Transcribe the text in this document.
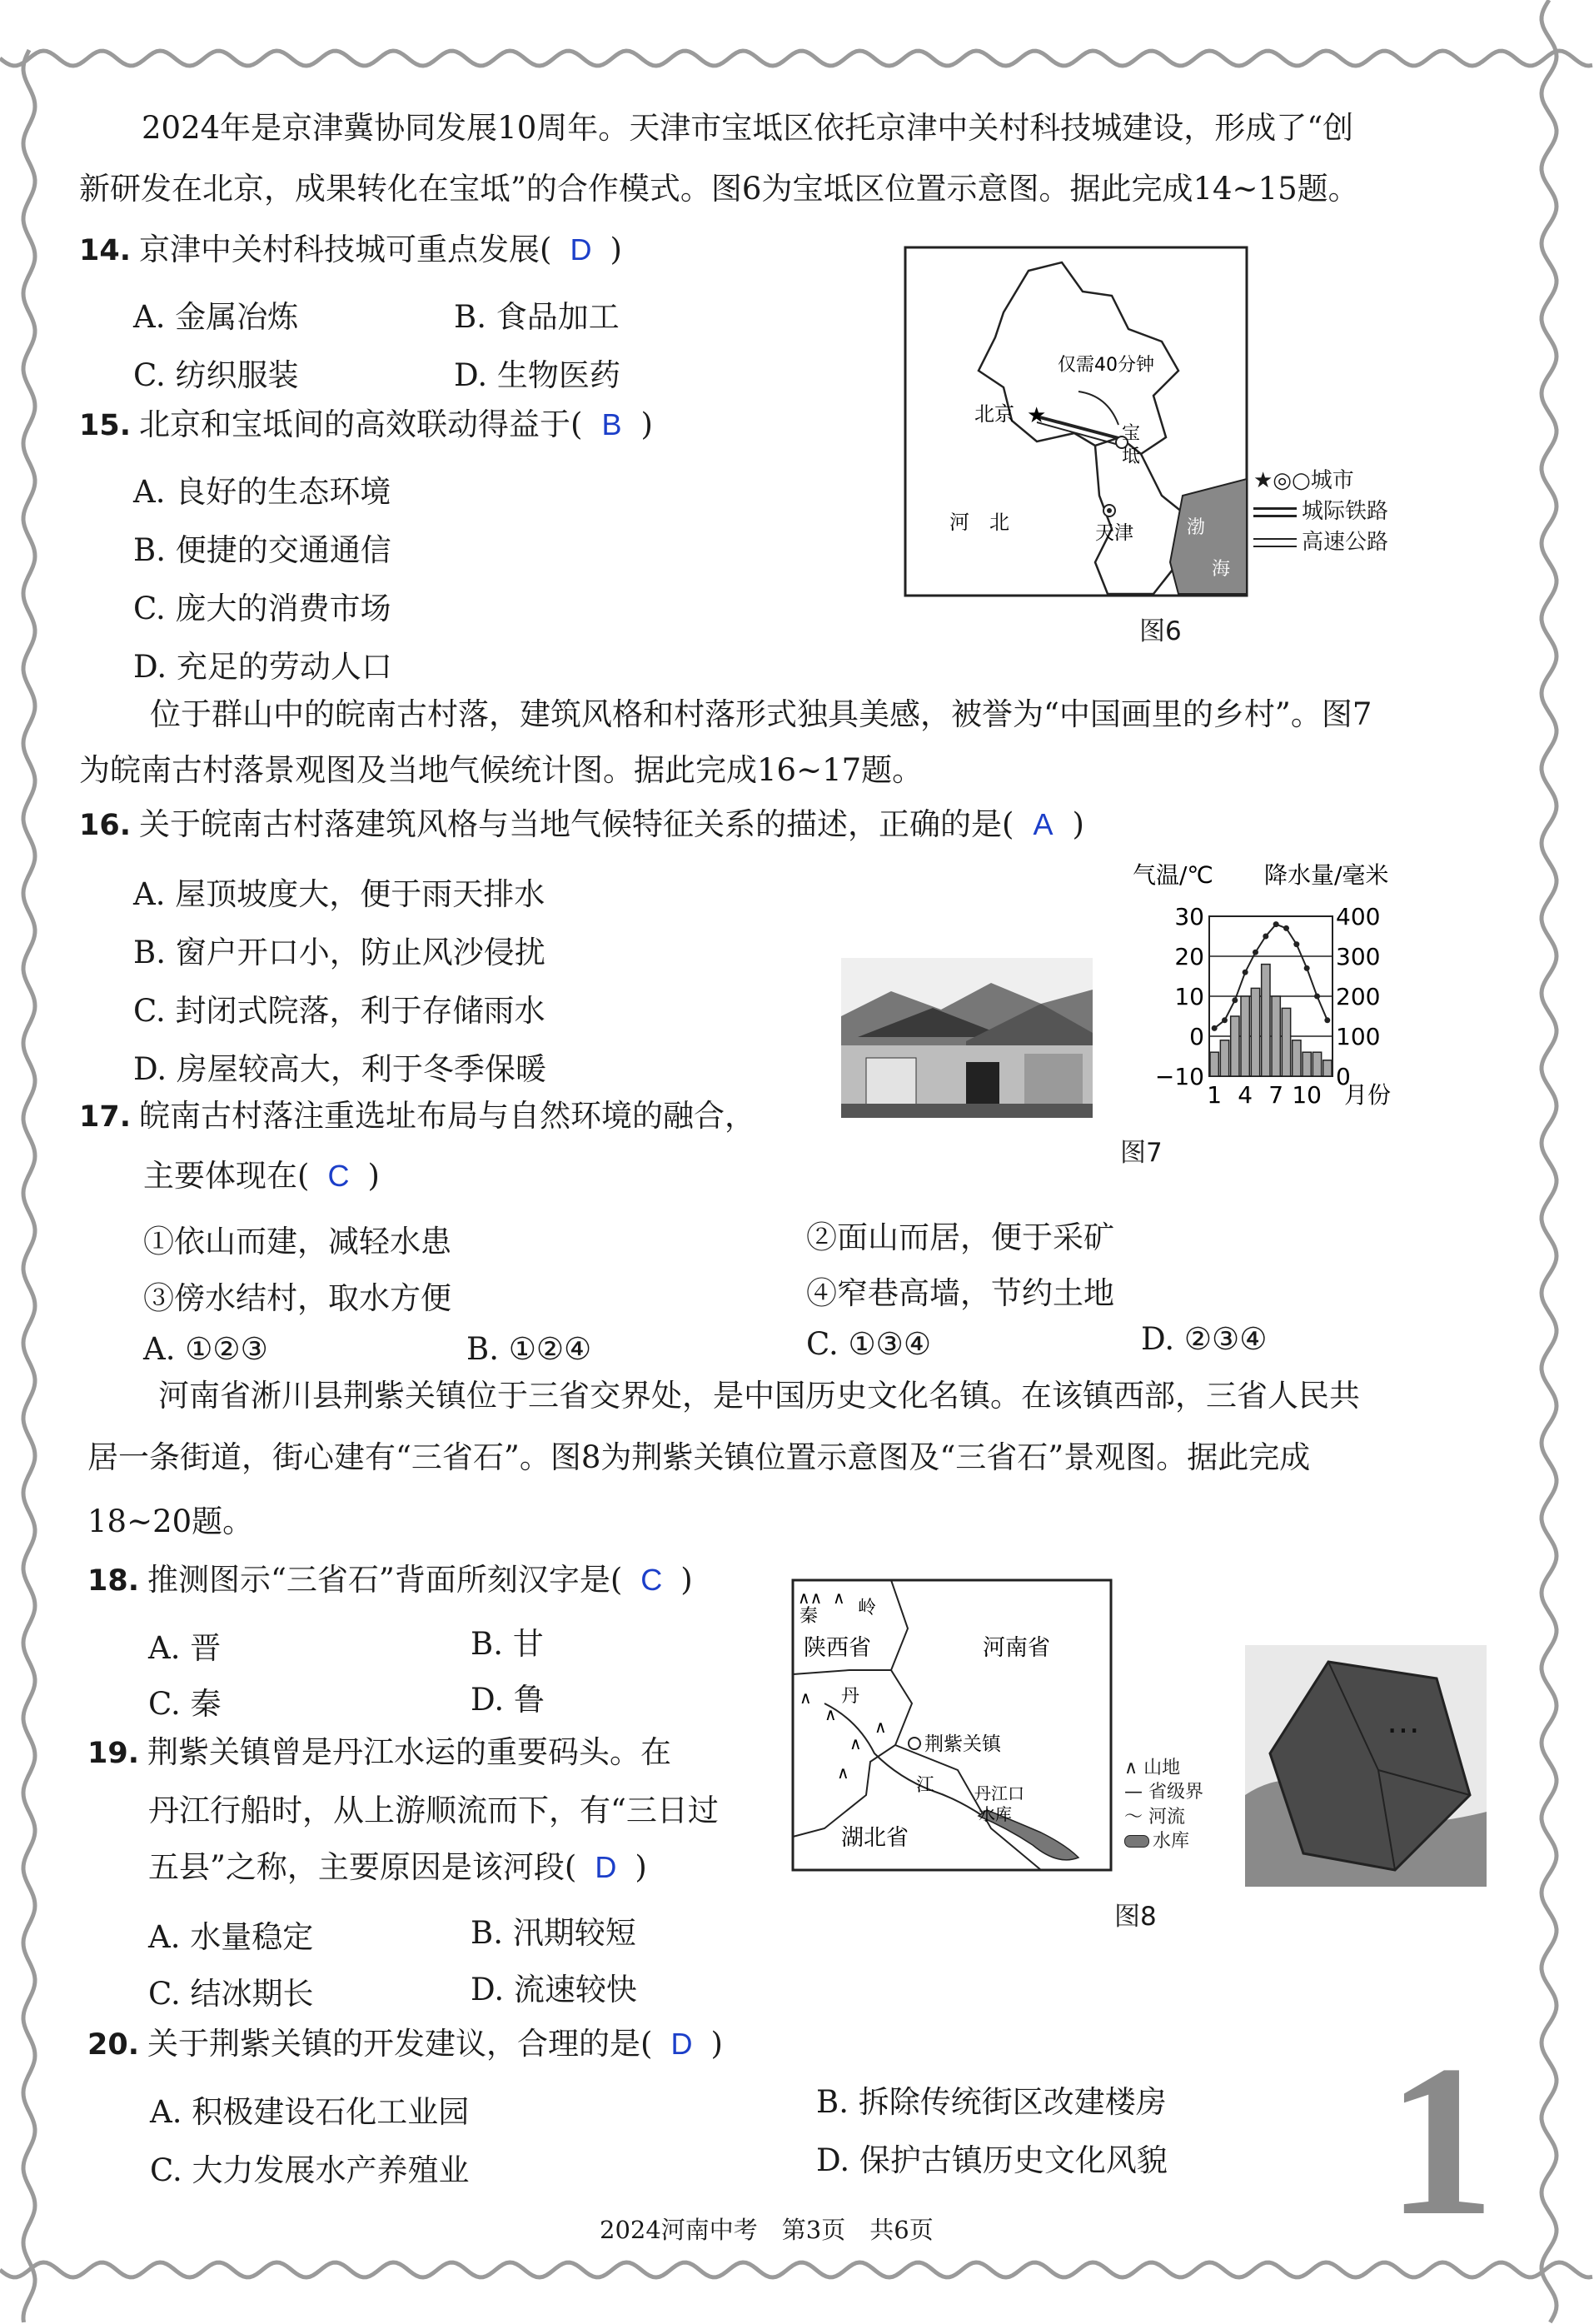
2024年是京津冀协同发展10周年。天津市宝坻区依托京津中关村科技城建设，形成了“创
新研发在北京，成果转化在宝坻”的合作模式。图6为宝坻区位置示意图。据此完成14~15题。
14. 京津中关村科技城可重点发展( D )
A. 金属冶炼	B. 食品加工
C. 纺织服装	D. 生物医药
15. 北京和宝坻间的高效联动得益于( B )
A. 良好的生态环境
B. 便捷的交通通信
C. 庞大的消费市场
D. 充足的劳动人口
仅需40分钟
北京 ★
宝
坻
河　北	天津	渤
海
★◎○城市
城际铁路
高速公路
图6
位于群山中的皖南古村落，建筑风格和村落形式独具美感，被誉为“中国画里的乡村”。图7
为皖南古村落景观图及当地气候统计图。据此完成16~17题。
16. 关于皖南古村落建筑风格与当地气候特征关系的描述，正确的是( A )
A. 屋顶坡度大，便于雨天排水
B. 窗户开口小，防止风沙侵扰
C. 封闭式院落，利于存储雨水
D. 房屋较高大，利于冬季保暖
气温/℃ 降水量/毫米
30
20
10
0
−10
400
300
200
100
0
1 4 7 10 月份
图7
17. 皖南古村落注重选址布局与自然环境的融合，
主要体现在( C )
①依山而建，减轻水患	②面山而居，便于采矿
③傍水结村，取水方便	④窄巷高墙，节约土地
A. ①②③	B. ①②④	C. ①③④	D. ②③④
河南省淅川县荆紫关镇位于三省交界处，是中国历史文化名镇。在该镇西部，三省人民共
居一条街道，街心建有“三省石”。图8为荆紫关镇位置示意图及“三省石”景观图。据此完成
18~20题。
18. 推测图示“三省石”背面所刻汉字是( C )
A. 晋	B. 甘
C. 秦	D. 鲁
19. 荆紫关镇曾是丹江水运的重要码头。在
丹江行船时，从上游顺流而下，有“三日过
五县”之称，主要原因是该河段( D )
A. 水量稳定	B. 汛期较短
C. 结冰期长	D. 流速较快
∧∧ ∧
秦 岭
陕西省	河南省
∧
∧
丹
∧
∧
∧
荆紫关镇
江 丹江口
水库
湖北省
∧ 山地
— 省级界
～ 河流
水库
⋯
图8
20. 关于荆紫关镇的开发建议，合理的是( D )
A. 积极建设石化工业园	B. 拆除传统街区改建楼房
C. 大力发展水产养殖业	D. 保护古镇历史文化风貌 1
2024河南中考　第3页　共6页
